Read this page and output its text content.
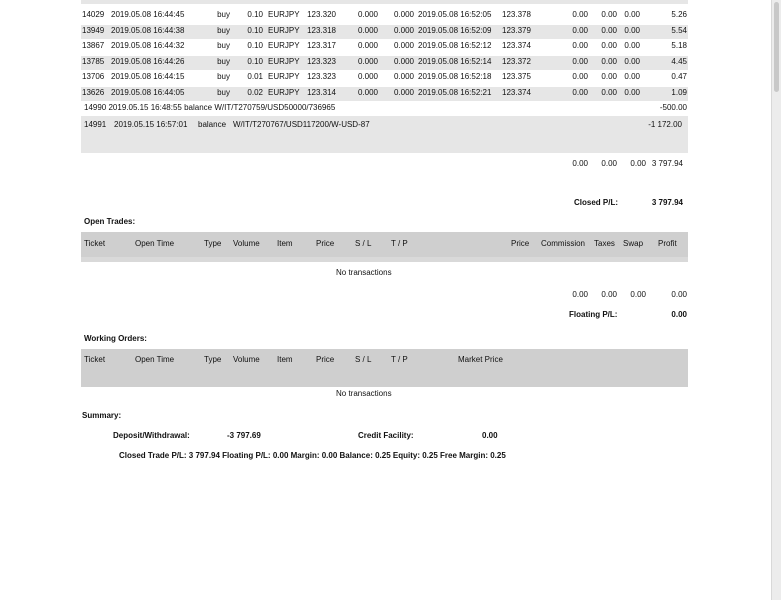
14029 2019.05.08 16:44:45	buy	0.10 EURJPY 123.320	0.000	0.000 2019.05.08 16:52:05 123.378	0.00	0.00 0.00	5.26
13949 2019.05.08 16:44:38	buy	0.10 EURJPY 123.318	0.000	0.000 2019.05.08 16:52:09 123.379	0.00	0.00 0.00	5.54
13867 2019.05.08 16:44:32	buy	0.10 EURJPY 123.317	0.000	0.000 2019.05.08 16:52:12 123.374	0.00	0.00 0.00	5.18
13785 2019.05.08 16:44:26	buy	0.10 EURJPY 123.323	0.000	0.000 2019.05.08 16:52:14 123.372	0.00	0.00 0.00	4.45
13706 2019.05.08 16:44:15	buy	0.01 EURJPY 123.323	0.000	0.000 2019.05.08 16:52:18 123.375	0.00	0.00 0.00	0.47
13626 2019.05.08 16:44:05	buy	0.02 EURJPY 123.314	0.000	0.000 2019.05.08 16:52:21 123.374	0.00	0.00 0.00	1.09
14990 2019.05.15 16:48:55 balance W/IT/T270759/USD50000/736965	-500.00
14991 2019.05.15 16:57:01 balance W/IT/T270767/USD117200/W-USD-87	-1 172.00
0.00	0.00	0.00 3 797.94
Closed P/L:	3 797.94
Open Trades:
Ticket	Open Time	Type Volume Item	Price	S / L T / P	Price Commission Taxes Swap Profit
No transactions
0.00	0.00	0.00	0.00
Floating P/L:	0.00
Working Orders:
Ticket	Open Time	Type Volume Item	Price	S / L T / P	Market Price
No transactions
Summary:
Deposit/Withdrawal:	-3 797.69	Credit Facility:	0.00
Closed Trade P/L: 3 797.94 Floating P/L: 0.00 Margin: 0.00 Balance: 0.25 Equity: 0.25 Free Margin: 0.25
